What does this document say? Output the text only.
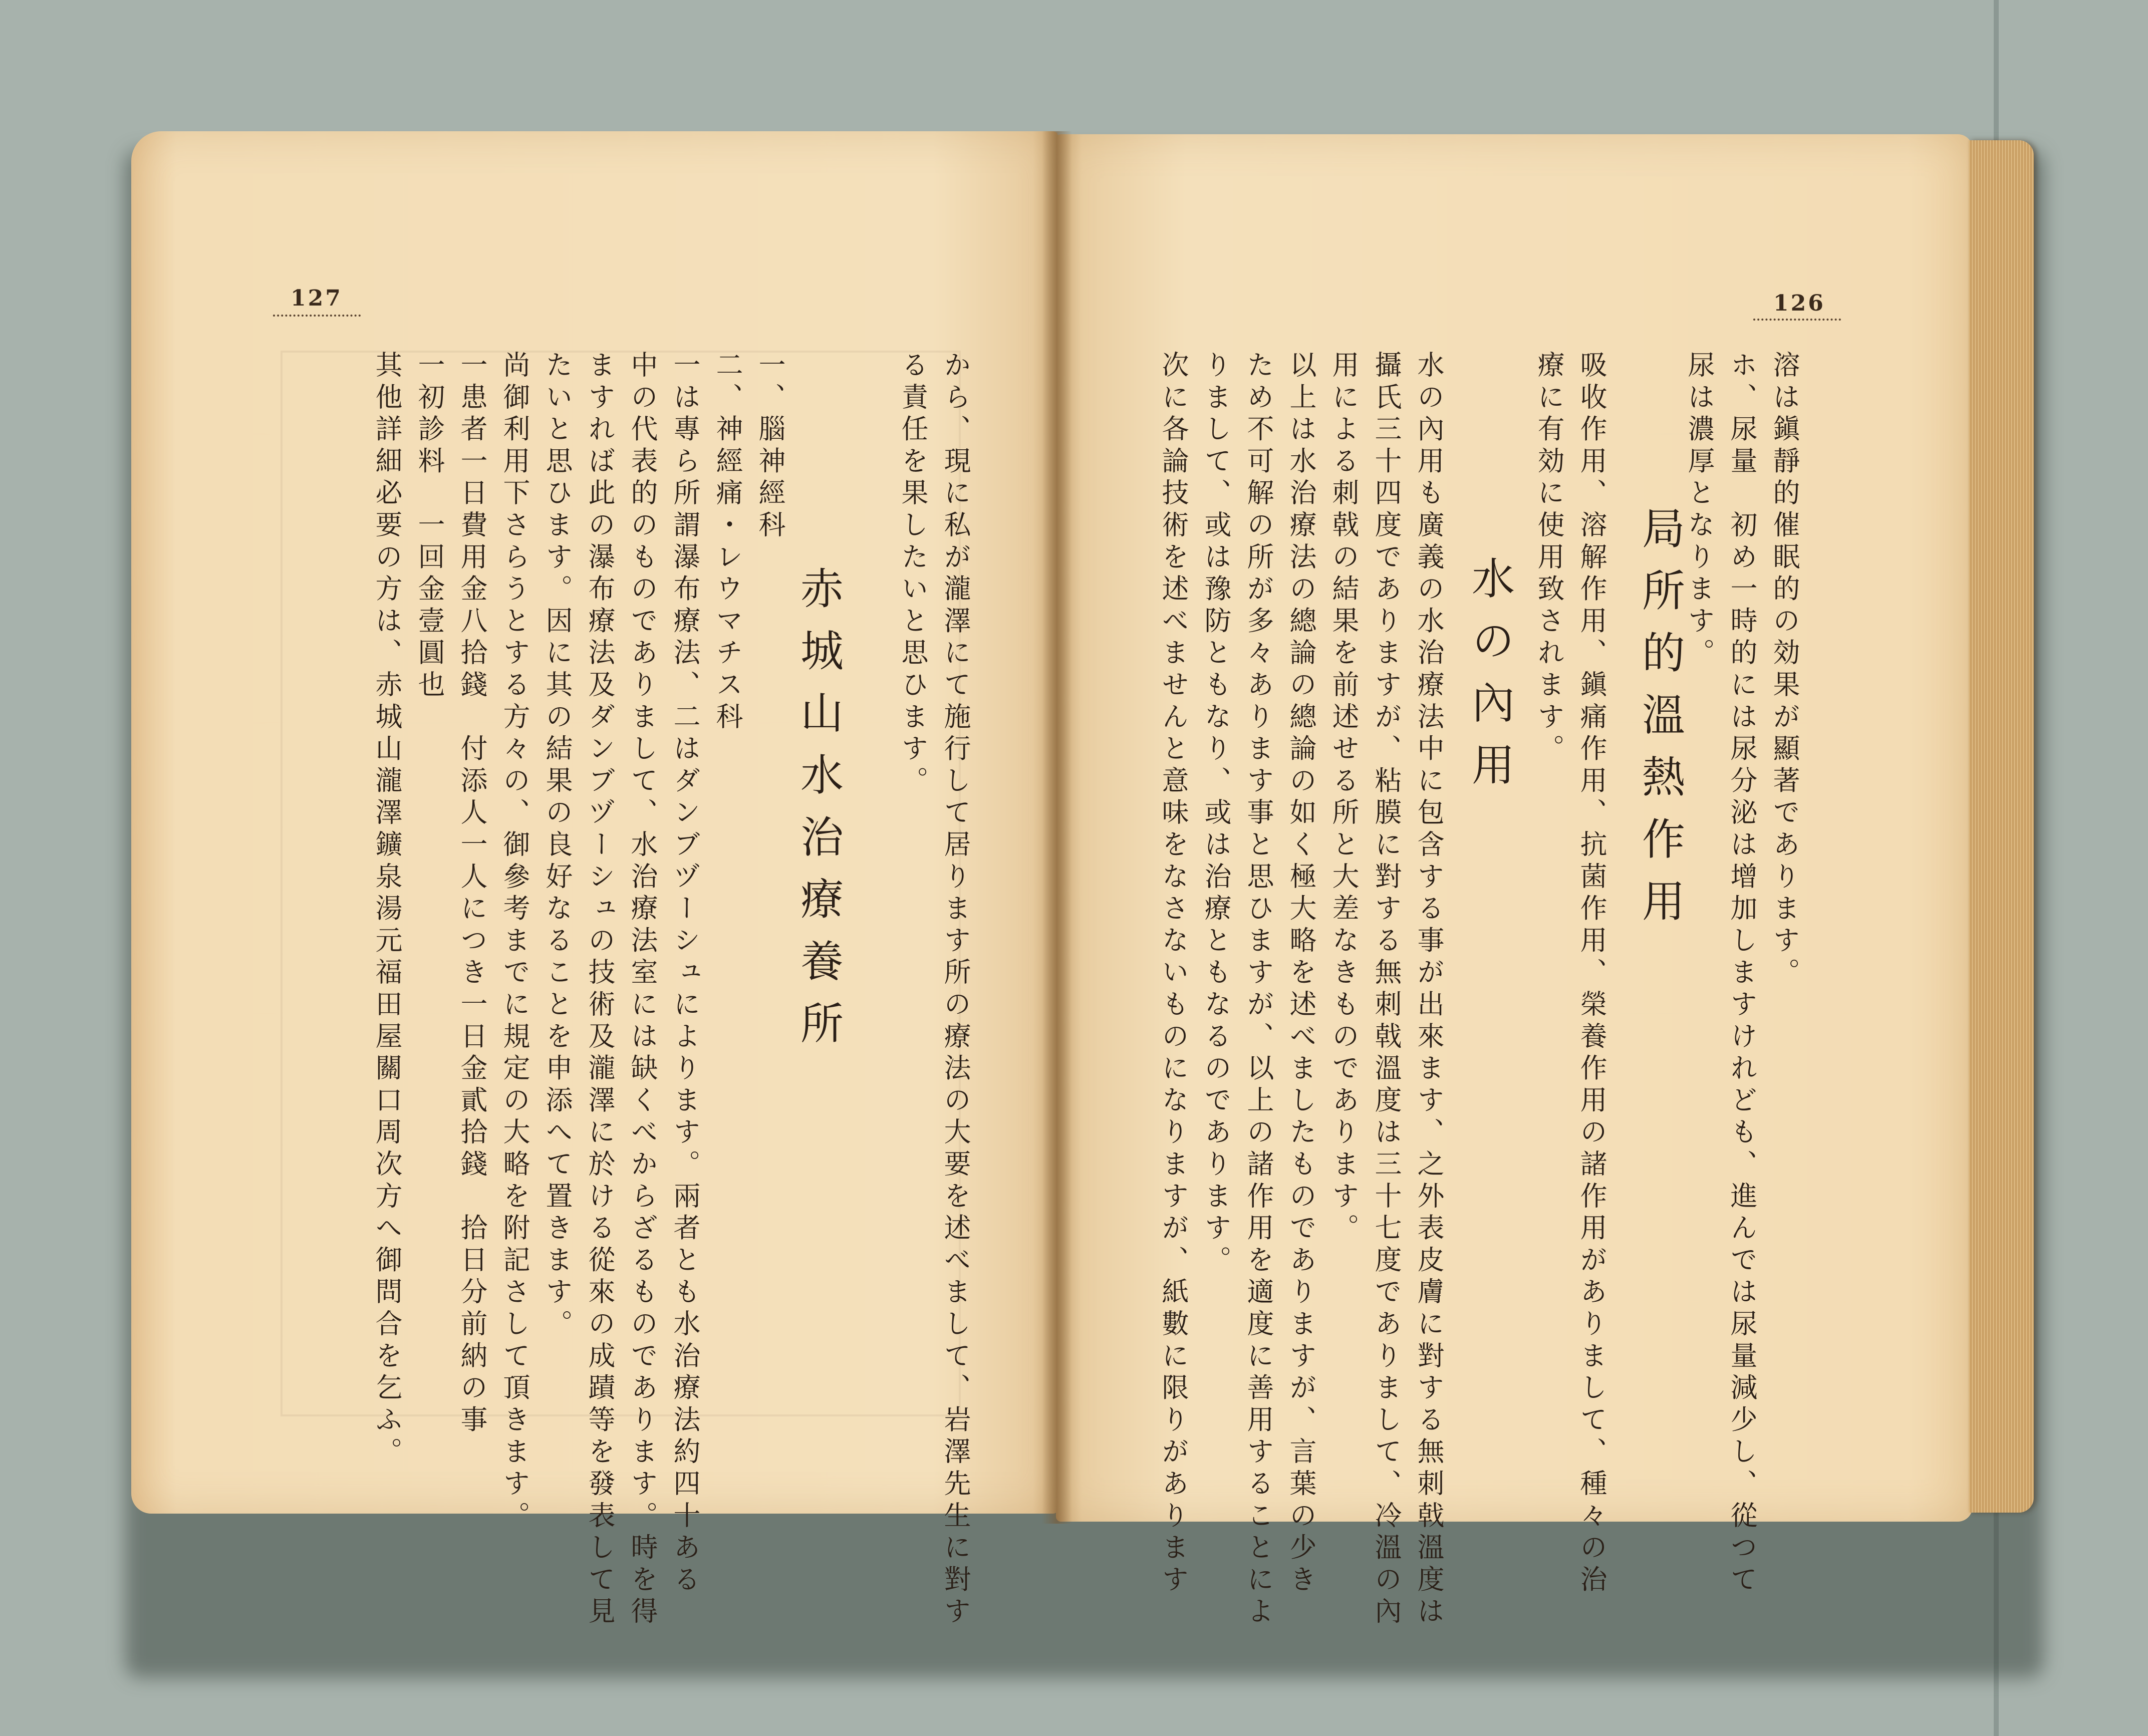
127	126
から、現に私が瀧澤にて施行して居ります所の療法の大要を述べまして、岩澤先生に對す
る責任を果したいと思ひます。
赤城山水治療養所
一、腦神經科
二、神經痛・レウマチス科
一は專ら所謂瀑布療法、二はダンブヅーシュによります。兩者とも水治療法約四十ある
中の代表的のものでありまして、水治療法室には缺くべからざるものであります。時を得
ますれば此の瀑布療法及ダンブヅーシュの技術及瀧澤に於ける從來の成蹟等を發表して見
たいと思ひます。因に其の結果の良好なることを申添へて置きます。
尚御利用下さらうとする方々の、御參考までに規定の大略を附記さして頂きます。
一患者一日費用金八拾錢　付添人一人につき一日金貳拾錢　拾日分前納の事
一初診料　一回金壹圓也
其他詳細必要の方は、赤城山瀧澤鑛泉湯元福田屋關口周次方へ御問合を乞ふ。	溶は鎭靜的催眠的の効果が顯著であります。
ホ、尿量　初め一時的には尿分泌は增加しますけれども、進んでは尿量減少し、從つて
尿は濃厚となります。
局所的溫熱作用
吸收作用、溶解作用、鎭痛作用、抗菌作用、榮養作用の諸作用がありまして、種々の治
療に有効に使用致されます。
水の內用
水の內用も廣義の水治療法中に包含する事が出來ます、之外表皮膚に對する無刺戟溫度は
攝氏三十四度でありますが、粘膜に對する無刺戟溫度は三十七度でありまして、冷溫の內
用による刺戟の結果を前述せる所と大差なきものであります。
以上は水治療法の總論の總論の如く極大略を述べましたものでありますが、言葉の少き
ため不可解の所が多々あります事と思ひますが、以上の諸作用を適度に善用することによ
りまして、或は豫防ともなり、或は治療ともなるのであります。
次に各論技術を述べませんと意味をなさないものになりますが、紙數に限りがあります
